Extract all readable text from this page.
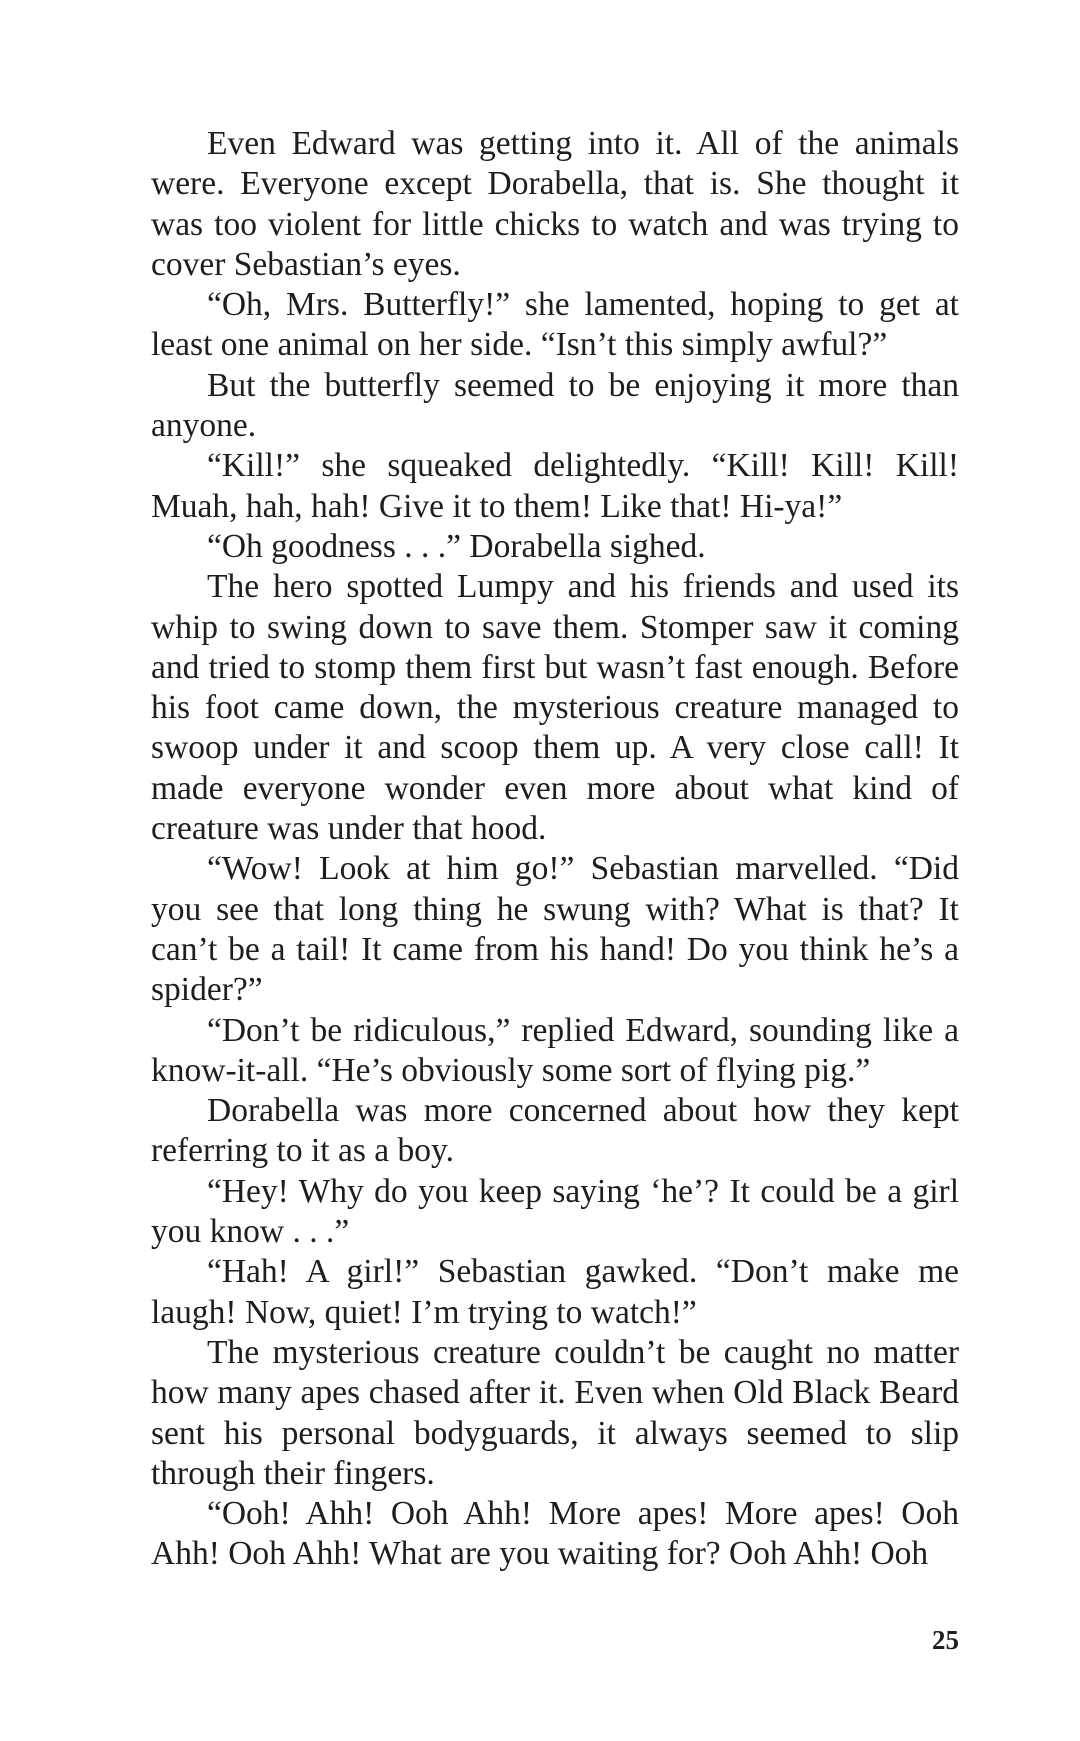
Even Edward was getting into it. All of the animals were. Everyone except Dorabella, that is. She thought it was too violent for little chicks to watch and was trying to cover Sebastian’s eyes.

“Oh, Mrs. Butterfly!” she lamented, hoping to get at least one animal on her side. “Isn’t this simply awful?”

But the butterfly seemed to be enjoying it more than anyone.

“Kill!” she squeaked delightedly. “Kill! Kill! Kill! Muah, hah, hah! Give it to them! Like that! Hi-ya!”

“Oh goodness . . .” Dorabella sighed.

The hero spotted Lumpy and his friends and used its whip to swing down to save them. Stomper saw it coming and tried to stomp them first but wasn’t fast enough. Before his foot came down, the mysterious creature managed to swoop under it and scoop them up. A very close call! It made everyone wonder even more about what kind of creature was under that hood.

“Wow! Look at him go!” Sebastian marvelled. “Did you see that long thing he swung with? What is that? It can’t be a tail! It came from his hand! Do you think he’s a spider?”

“Don’t be ridiculous,” replied Edward, sounding like a know-it-all. “He’s obviously some sort of flying pig.”

Dorabella was more concerned about how they kept referring to it as a boy.

“Hey! Why do you keep saying ‘he’? It could be a girl you know . . .”

“Hah! A girl!” Sebastian gawked. “Don’t make me laugh! Now, quiet! I’m trying to watch!”

The mysterious creature couldn’t be caught no matter how many apes chased after it. Even when Old Black Beard sent his personal bodyguards, it always seemed to slip through their fingers.

“Ooh! Ahh! Ooh Ahh! More apes! More apes! Ooh Ahh! Ooh Ahh! What are you waiting for? Ooh Ahh! Ooh

25
